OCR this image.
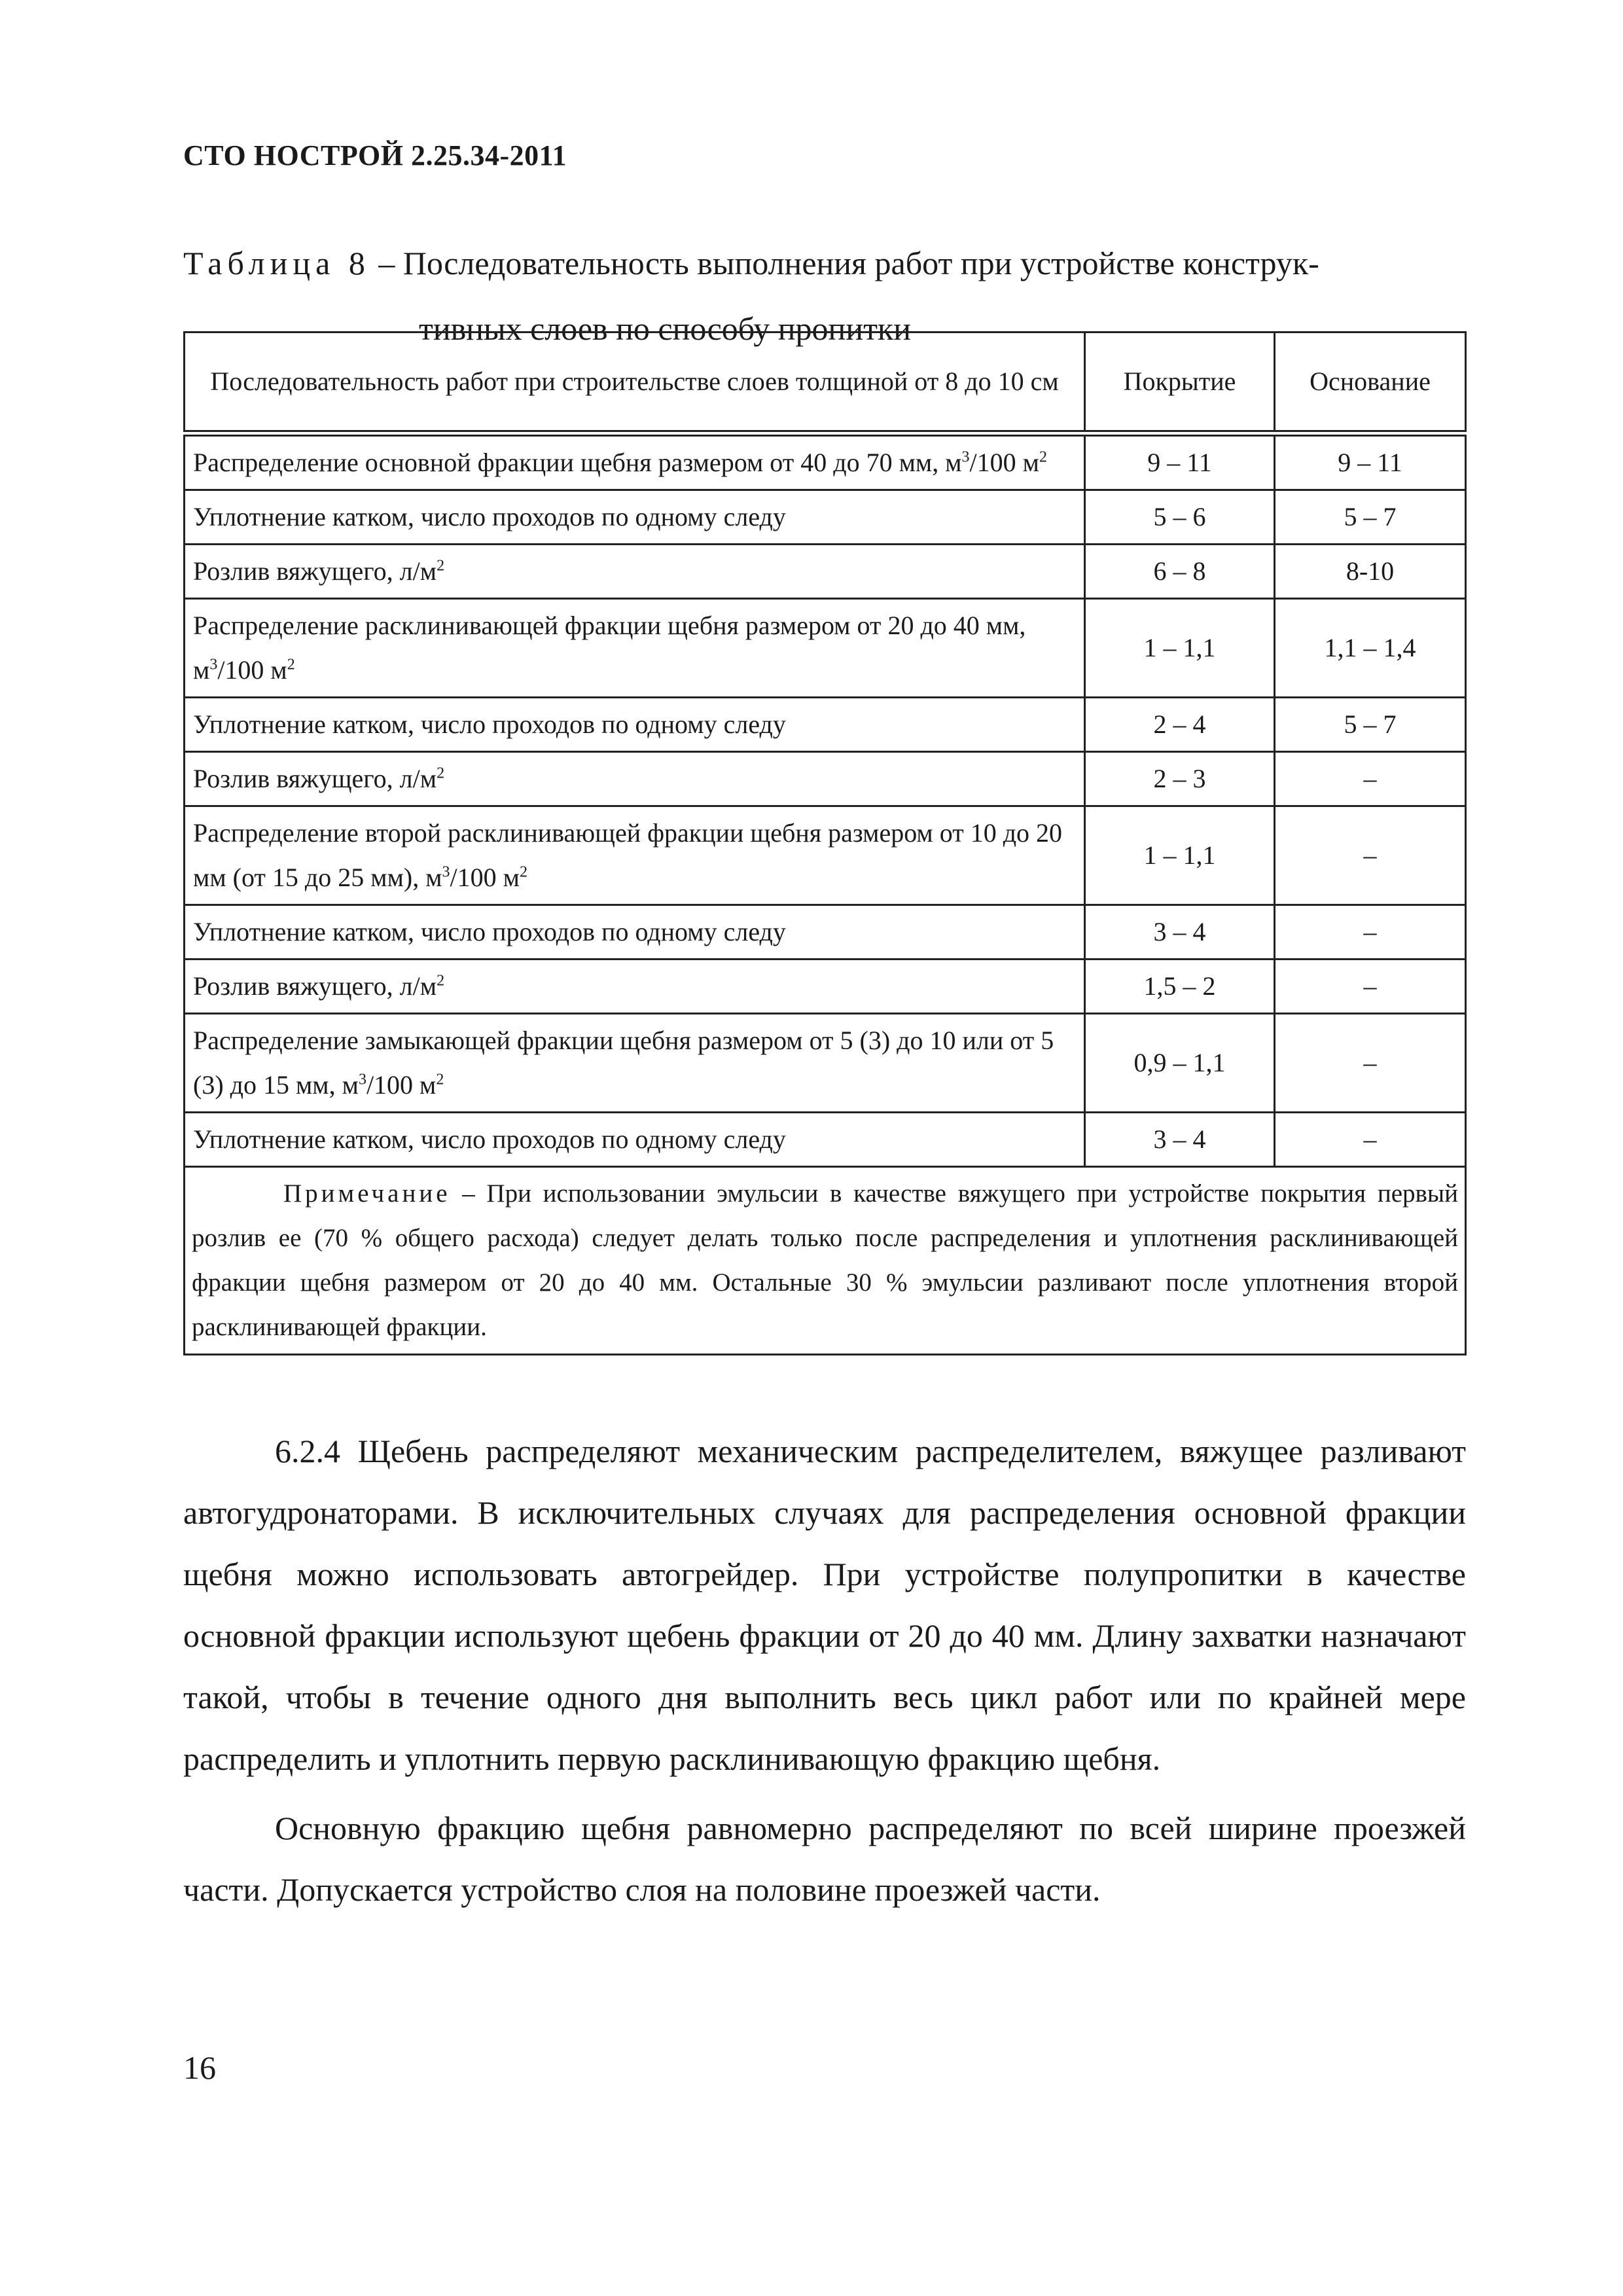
СТО НОСТРОЙ 2.25.34-2011
Таблица 8 – Последовательность выполнения работ при устройстве конструк-
тивных слоев по способу пропитки
Последовательность работ при строительстве слоев толщиной от 8 до 10 см	Покрытие	Основание
Распределение основной фракции щебня размером от 40 до 70 мм, $м^3/100$ $м^2$	9 – 11	9 – 11
Уплотнение катком, число проходов по одному следу	5 – 6	5 – 7
Розлив вяжущего, $л/м^2$	6 – 8	8-10
Распределение расклинивающей фракции щебня размером от 20 до 40 мм, $м^3/100$ $м^2$	1 – 1,1	1,1 – 1,4
Уплотнение катком, число проходов по одному следу	2 – 4	5 – 7
Розлив вяжущего, $л/м^2$	2 – 3	–
Распределение второй расклинивающей фракции щебня размером от 10 до 20 мм (от 15 до 25 мм), $м^3/100$ $м^2$	1 – 1,1	–
Уплотнение катком, число проходов по одному следу	3 – 4	–
Розлив вяжущего, $л/м^2$	1,5 – 2	–
Распределение замыкающей фракции щебня размером от 5 (3) до 10 или от 5 (3) до 15 мм, $м^3/100$ $м^2$	0,9 – 1,1	–
Уплотнение катком, число проходов по одному следу	3 – 4	–
Примечание – При использовании эмульсии в качестве вяжущего при устройстве покрытия первый розлив ее (70 % общего расхода) следует делать только после распределения и уплотнения расклинивающей фракции щебня размером от 20 до 40 мм. Остальные 30 % эмульсии разливают после уплотнения второй расклинивающей фракции.		

6.2.4 Щебень распределяют механическим распределителем, вяжущее разливают автогудронаторами. В исключительных случаях для распределения основной фракции щебня можно использовать автогрейдер. При устройстве полупропитки в качестве основной фракции используют щебень фракции от 20 до 40 мм. Длину захватки назначают такой, чтобы в течение одного дня выполнить весь цикл работ или по крайней мере распределить и уплотнить первую расклинивающую фракцию щебня.

Основную фракцию щебня равномерно распределяют по всей ширине проезжей части. Допускается устройство слоя на половине проезжей части.

16
